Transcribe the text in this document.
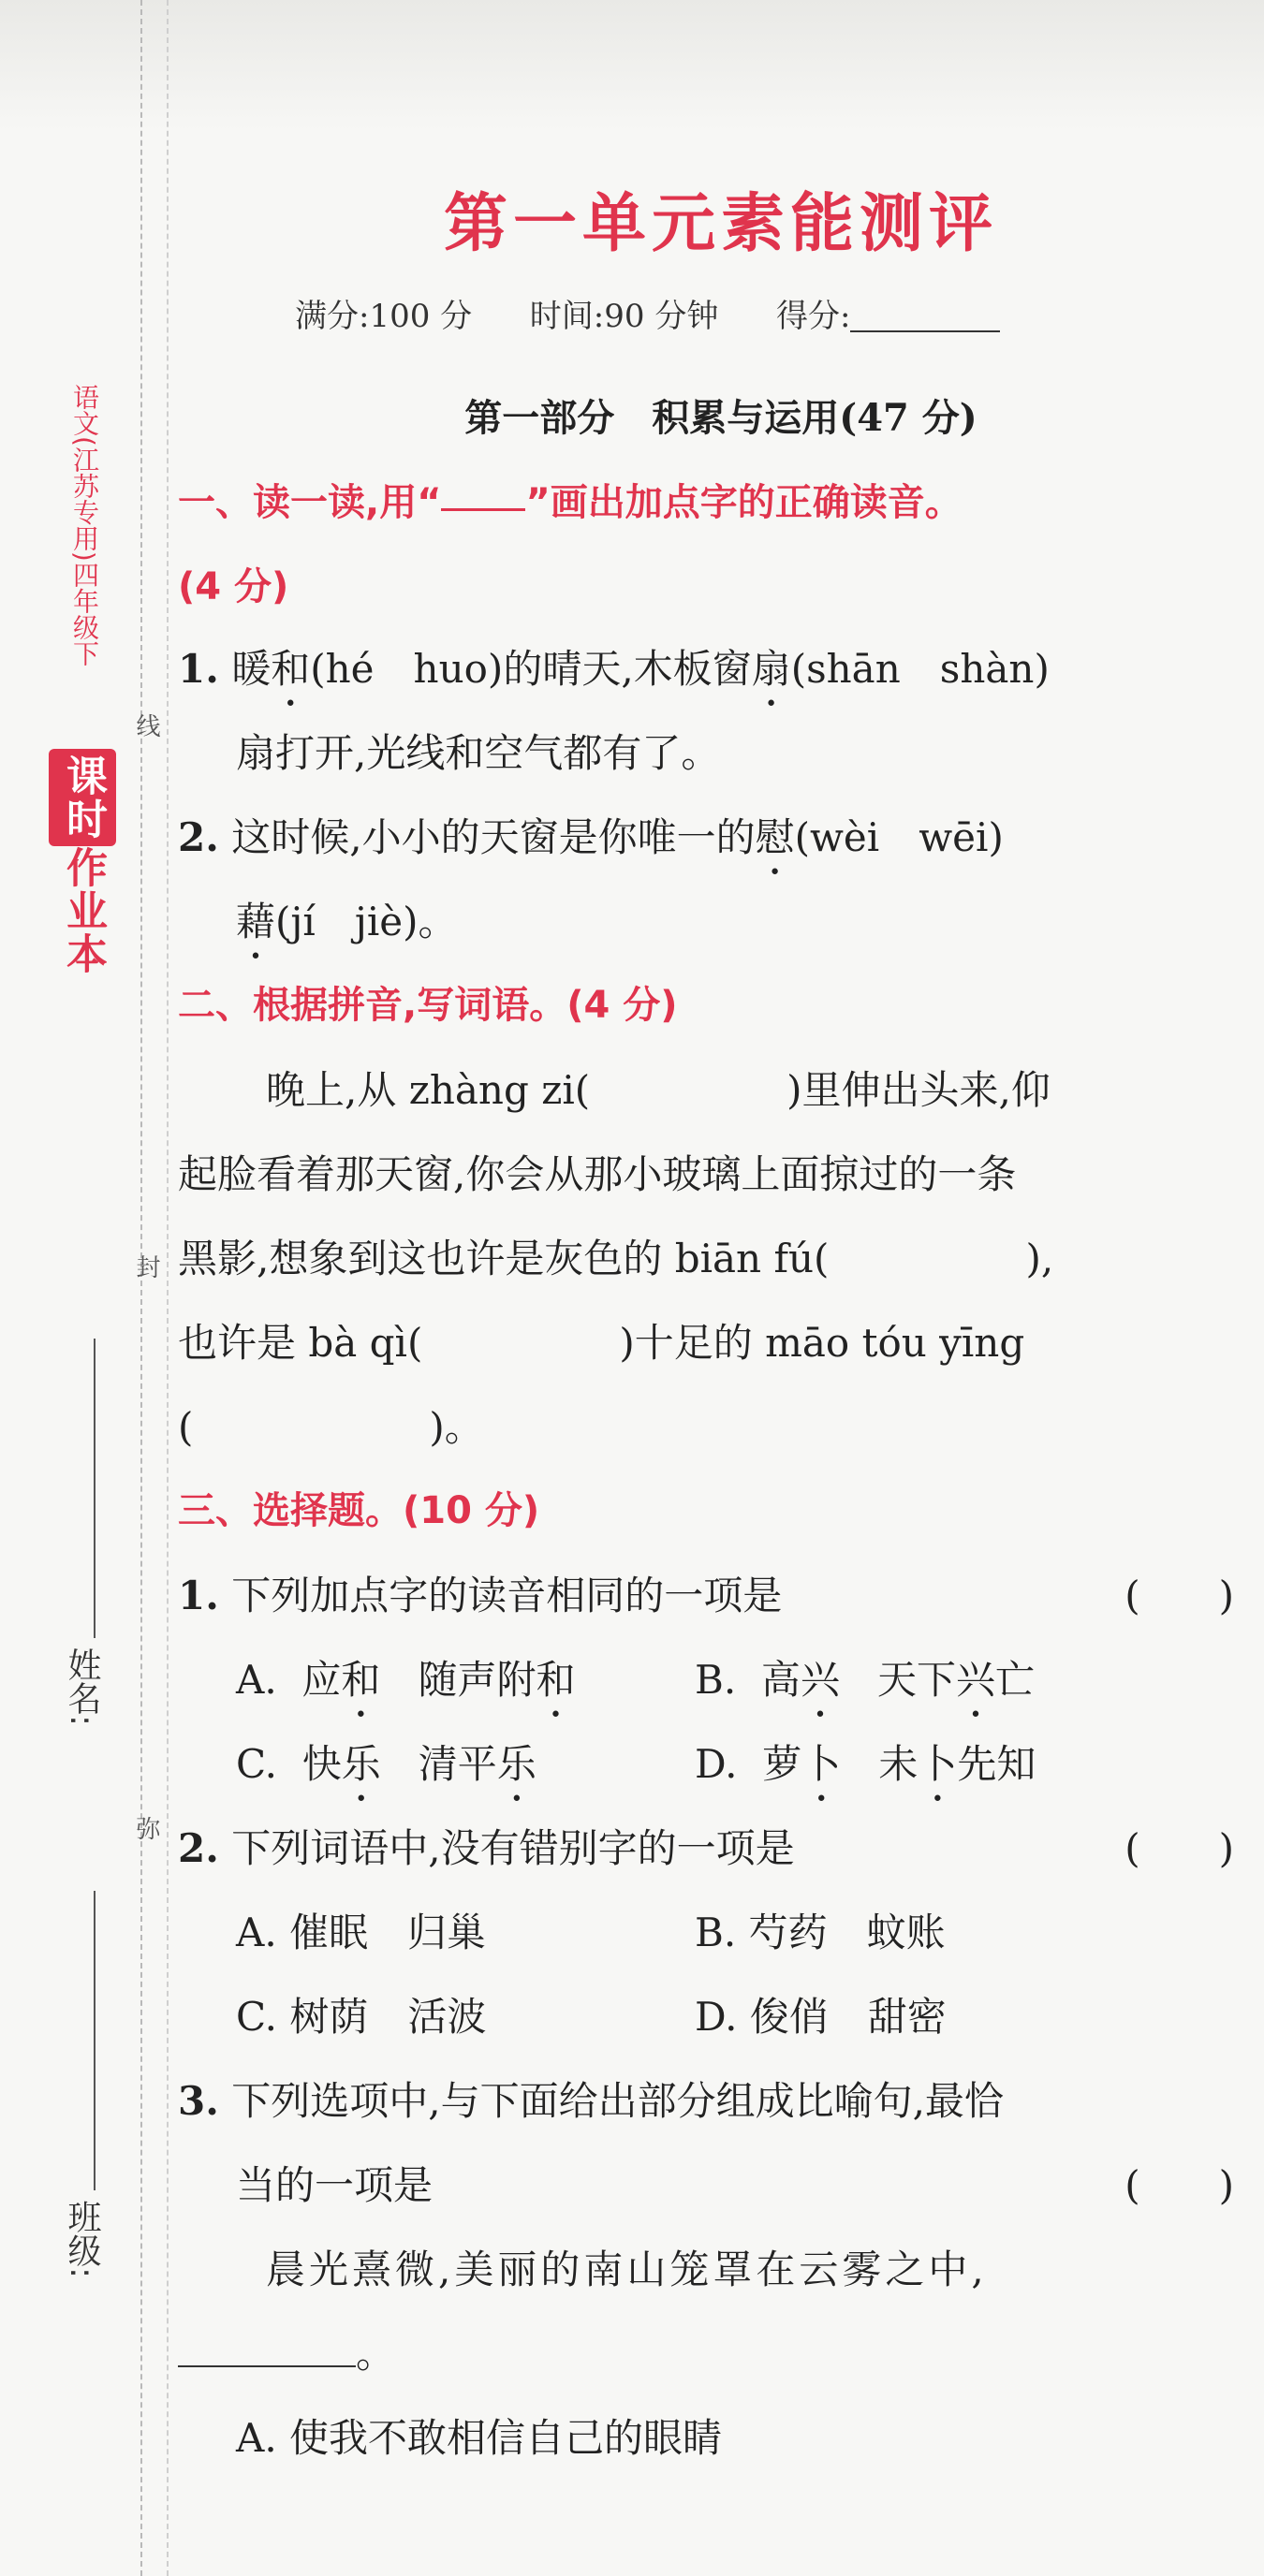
语文(江苏专用)四年级下
课时作业本
线
封
弥
姓名:
班级:
第一单元素能测评
满分:100 分 时间:90 分钟 得分:
第一部分　积累与运用(47 分)
一、读一读,用“ ”画出加点字的正确读音。
(4 分)
1. 暖和(hé　huo)的晴天,木板窗扇(shān　shàn)
扇打开,光线和空气都有了。
2. 这时候,小小的天窗是你唯一的慰(wèi　wēi)
藉(jí　jiè)。
二、根据拼音,写词语。(4 分)
晚上,从 zhàng zi(　　　　　)里伸出头来,仰
起脸看着那天窗,你会从那小玻璃上面掠过的一条
黑影,想象到这也许是灰色的 biān fú(　　　　　),
也许是 bà qì(　　　　　)十足的 māo tóu yīng
(　　　　　　)。
三、选择题。(10 分)
1. 下列加点字的读音相同的一项是	(　　)
A. 应和 随声附和	B. 高兴 天下兴亡
C. 快乐 清平乐	D. 萝卜 未卜先知
2. 下列词语中,没有错别字的一项是	(　　)
A. 催眠　归巢	B. 芍药　蚊账
C. 树荫　活波	D. 俊俏　甜密
3. 下列选项中,与下面给出部分组成比喻句,最恰
当的一项是	(　　)
晨光熹微,美丽的南山笼罩在云雾之中,
。
A. 使我不敢相信自己的眼睛
